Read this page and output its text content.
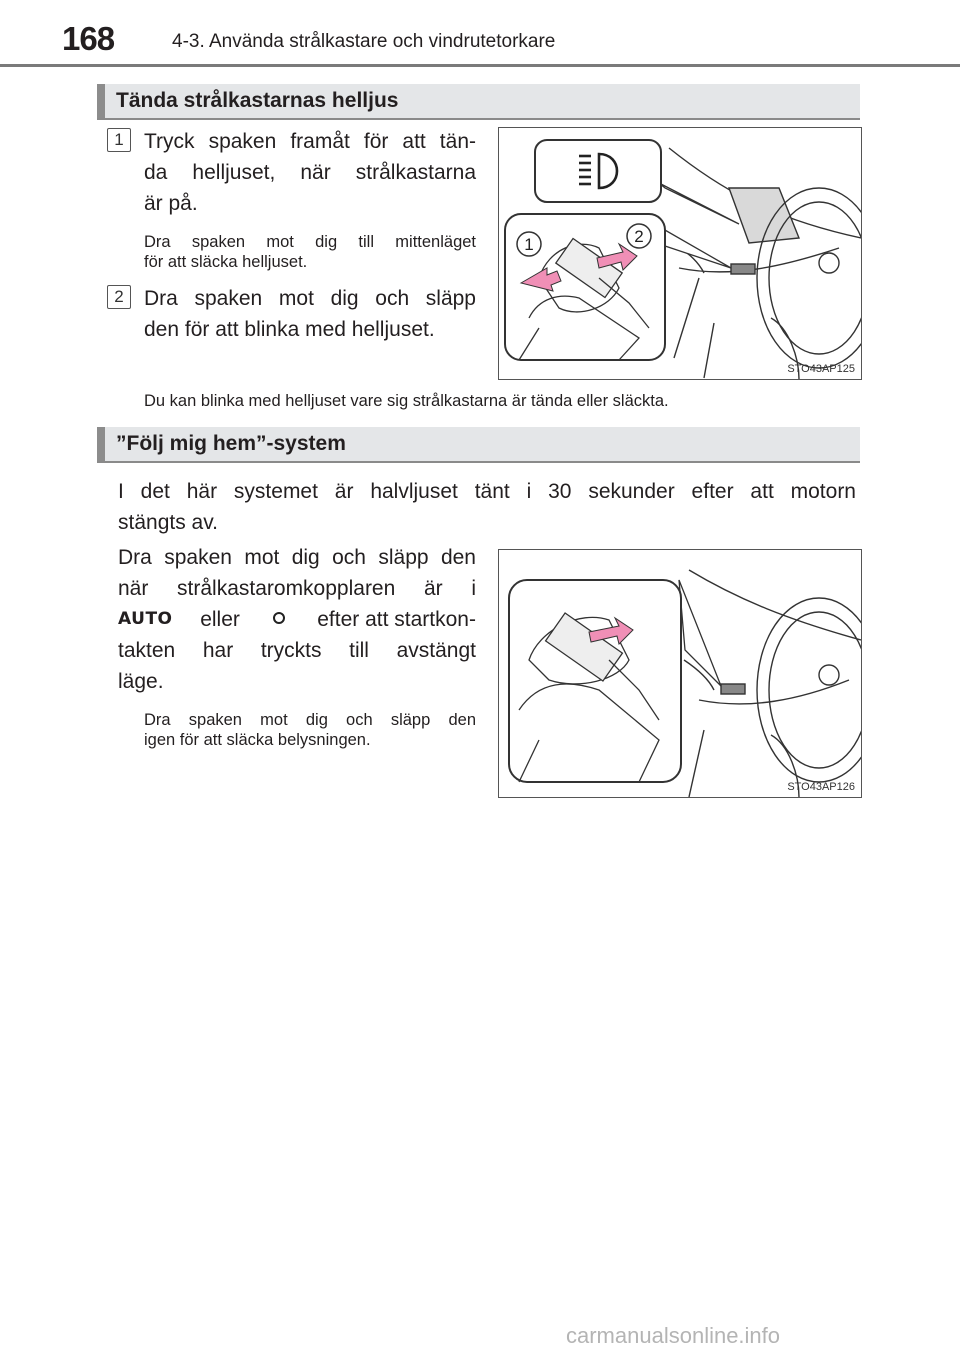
168	4-3. Använda strålkastare och vindrutetorkare
Tända strålkastarnas helljus
1 Tryck spaken framåt för att tän-
da helljuset, när strålkastarna
är på.
Dra spaken mot dig till mittenläget
för att släcka helljuset.
2 Dra spaken mot dig och släpp
den för att blinka med helljuset.
1	2
STO43AP125
Du kan blinka med helljuset vare sig strålkastarna är tända eller släckta.
”Följ mig hem”-system
I det här systemet är halvljuset tänt i 30 sekunder efter att motorn
stängts av.
Dra spaken mot dig och släpp den
när strålkastaromkopplaren är i
AUTO eller	efter att startkon-
takten har tryckts till avstängt
läge.
Dra spaken mot dig och släpp den
igen för att släcka belysningen.
STO43AP126
carmanualsonline.info
